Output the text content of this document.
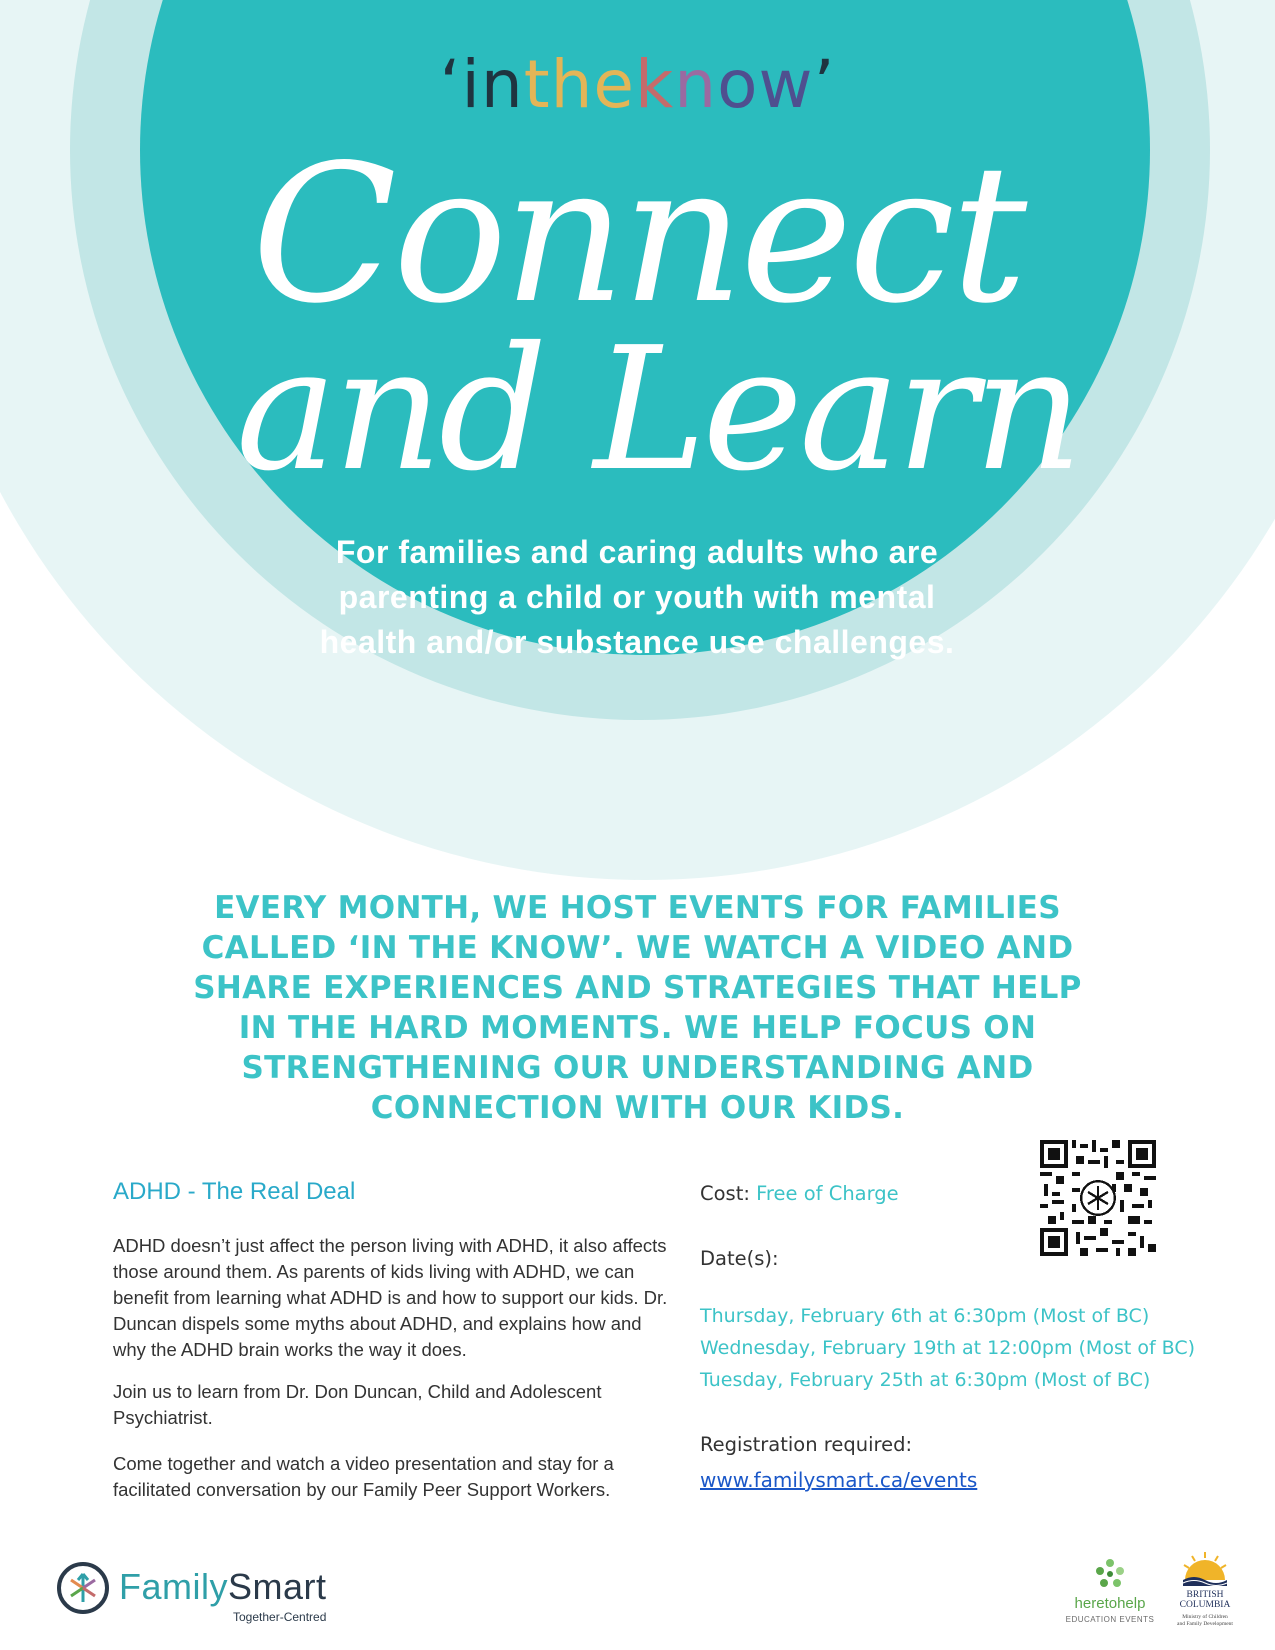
‘intheknow’
Connect
and Learn
For families and caring adults who are parenting a child or youth with mental health and/or substance use challenges.
EVERY MONTH, WE HOST EVENTS FOR FAMILIES CALLED ‘IN THE KNOW’. WE WATCH A VIDEO AND SHARE EXPERIENCES AND STRATEGIES THAT HELP IN THE HARD MOMENTS. WE HELP FOCUS ON STRENGTHENING OUR UNDERSTANDING AND CONNECTION WITH OUR KIDS.
ADHD - The Real Deal

ADHD doesn’t just affect the person living with ADHD, it also affects those around them. As parents of kids living with ADHD, we can benefit from learning what ADHD is and how to support our kids. Dr. Duncan dispels some myths about ADHD, and explains how and why the ADHD brain works the way it does.

Join us to learn from Dr. Don Duncan, Child and Adolescent Psychiatrist.

Come together and watch a video presentation and stay for a facilitated conversation by our Family Peer Support Workers.

Cost: Free of Charge
Date(s):
Thursday, February 6th at 6:30pm (Most of BC)
Wednesday, February 19th at 12:00pm (Most of BC)
Tuesday, February 25th at 6:30pm (Most of BC)
Registration required:
www.familysmart.ca/events
FamilySmart
Together-Centred
heretohelp
EDUCATION EVENTS
BRITISH
COLUMBIA
Ministry of Children
and Family Development
